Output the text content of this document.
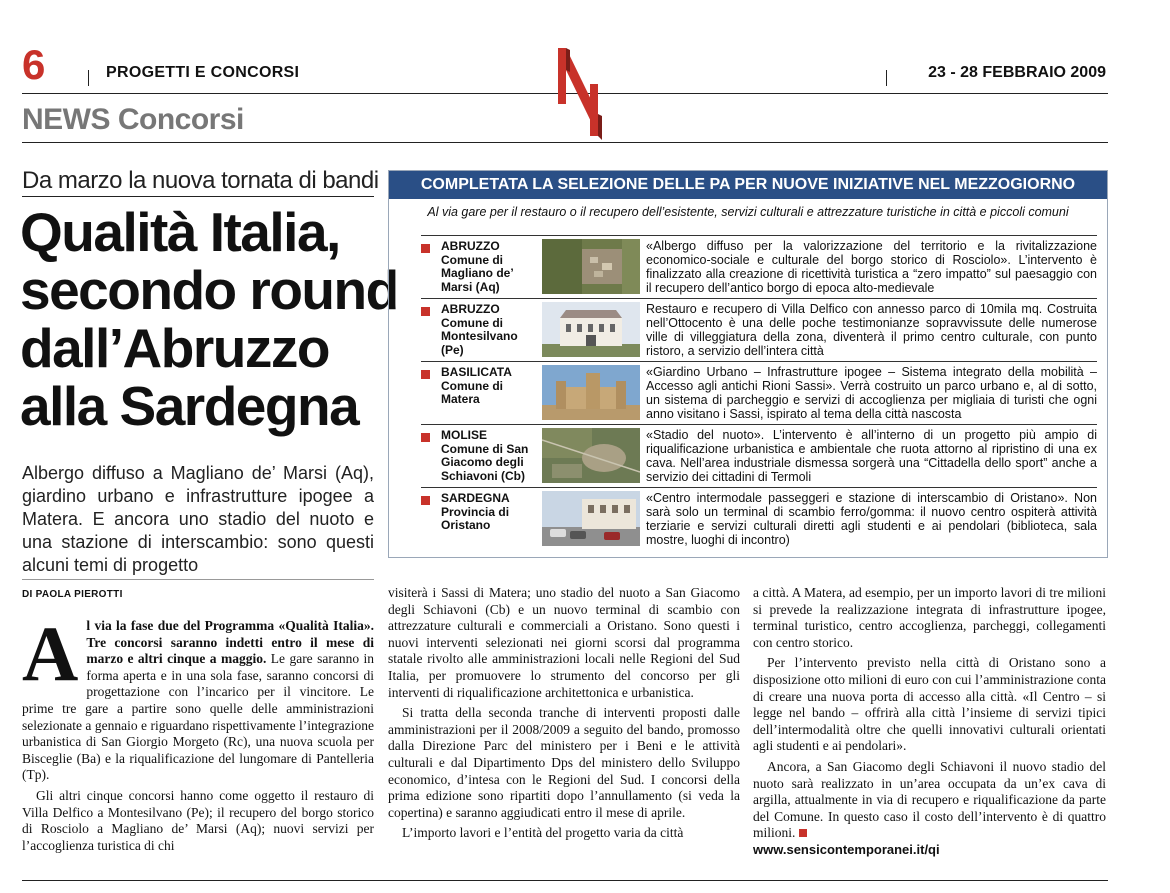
6	PROGETTI E CONCORSI	23 - 28 FEBBRAIO 2009
NEWS Concorsi
Da marzo la nuova tornata di bandi
Qualità Italia,
secondo round
dall’Abruzzo
alla Sardegna
Albergo diffuso a Magliano de’ Marsi (Aq), giardino urbano e infrastrutture ipogee a Matera. E ancora uno stadio del nuoto e una stazione di interscambio: sono questi alcuni temi di progetto
DI PAOLA PIEROTTI
COMPLETATA LA SELEZIONE DELLE PA PER NUOVE INIZIATIVE NEL MEZZOGIORNO
Al via gare per il restauro o il recupero dell’esistente, servizi culturali e attrezzature turistiche in città e piccoli comuni
ABRUZZO
Comune di Magliano de’ Marsi (Aq)
«Albergo diffuso per la valorizzazione del territorio e la rivitalizzazione economico-sociale e culturale del borgo storico di Rosciolo». L’intervento è finalizzato alla creazione di ricettività turistica a “zero impatto” sul paesaggio con il recupero dell’antico borgo di epoca alto-medievale
ABRUZZO
Comune di Montesilvano (Pe)
Restauro e recupero di Villa Delfico con annesso parco di 10mila mq. Costruita nell’Ottocento è una delle poche testimonianze sopravvissute delle numerose ville di villeggiatura della zona, diventerà il primo centro culturale, con punto ristoro, a servizio dell’intera città
BASILICATA
Comune di Matera
«Giardino Urbano – Infrastrutture ipogee – Sistema integrato della mobilità – Accesso agli antichi Rioni Sassi». Verrà costruito un parco urbano e, al di sotto, un sistema di parcheggio e servizi di accoglienza per migliaia di turisti che ogni anno visitano i Sassi, ispirato al tema della città nascosta
MOLISE
Comune di San Giacomo degli Schiavoni (Cb)
«Stadio del nuoto». L’intervento è all’interno di un progetto più ampio di riqualificazione urbanistica e ambientale che ruota attorno al ripristino di una ex cava. Nell’area industriale dismessa sorgerà una “Cittadella dello sport” anche a servizio dei cittadini di Termoli
SARDEGNA
Provincia di Oristano
«Centro intermodale passeggeri e stazione di interscambio di Oristano». Non sarà solo un terminal di scambio ferro/gomma: il nuovo centro ospiterà attività terziarie e servizi culturali diretti agli studenti e ai pendolari (biblioteca, sala mostre, luoghi di incontro)
A l via la fase due del Programma «Qualità Italia». Tre concorsi saranno indetti entro il mese di marzo e altri cinque a maggio. Le gare saranno in forma aperta e in una sola fase, saranno concorsi di progettazione con l’incarico per il vincitore. Le prime tre gare a partire sono quelle delle amministrazioni selezionate a gennaio e riguardano rispettivamente l’integrazione urbanistica di San Giorgio Morgeto (Rc), una nuova scuola per Bisceglie (Ba) e la riqualificazione del lungomare di Pantelleria (Tp).

Gli altri cinque concorsi hanno come oggetto il restauro di Villa Delfico a Montesilvano (Pe); il recupero del borgo storico di Rosciolo a Magliano de’ Marsi (Aq); nuovi servizi per l’accoglienza turistica di chi

visiterà i Sassi di Matera; uno stadio del nuoto a San Giacomo degli Schiavoni (Cb) e un nuovo terminal di scambio con attrezzature culturali e commerciali a Oristano. Sono questi i nuovi interventi selezionati nei giorni scorsi dal programma statale rivolto alle amministrazioni locali nelle Regioni del Sud Italia, per promuovere lo strumento del concorso per gli interventi di riqualificazione architettonica e urbanistica.

Si tratta della seconda tranche di interventi proposti dalle amministrazioni per il 2008/2009 a seguito del bando, promosso dalla Direzione Parc del ministero per i Beni e le attività culturali e dal Dipartimento Dps del ministero dello Sviluppo economico, d’intesa con le Regioni del Sud. I concorsi della prima edizione sono ripartiti dopo l’annullamento (si veda la copertina) e saranno aggiudicati entro il mese di aprile.

L’importo lavori e l’entità del progetto varia da città

a città. A Matera, ad esempio, per un importo lavori di tre milioni si prevede la realizzazione integrata di infrastrutture ipogee, terminal turistico, centro accoglienza, parcheggi, collegamenti con centro storico.

Per l’intervento previsto nella città di Oristano sono a disposizione otto milioni di euro con cui l’amministrazione conta di creare una nuova porta di accesso alla città. «Il Centro – si legge nel bando – offrirà alla città l’insieme di servizi tipici dell’intermodalità oltre che quelli innovativi culturali orientati agli studenti e ai pendolari».

Ancora, a San Giacomo degli Schiavoni il nuovo stadio del nuoto sarà realizzato in un’area occupata da un’ex cava di argilla, attualmente in via di recupero e riqualificazione da parte del Comune. In questo caso il costo dell’intervento è di quattro milioni.
www.sensicontemporanei.it/qi
